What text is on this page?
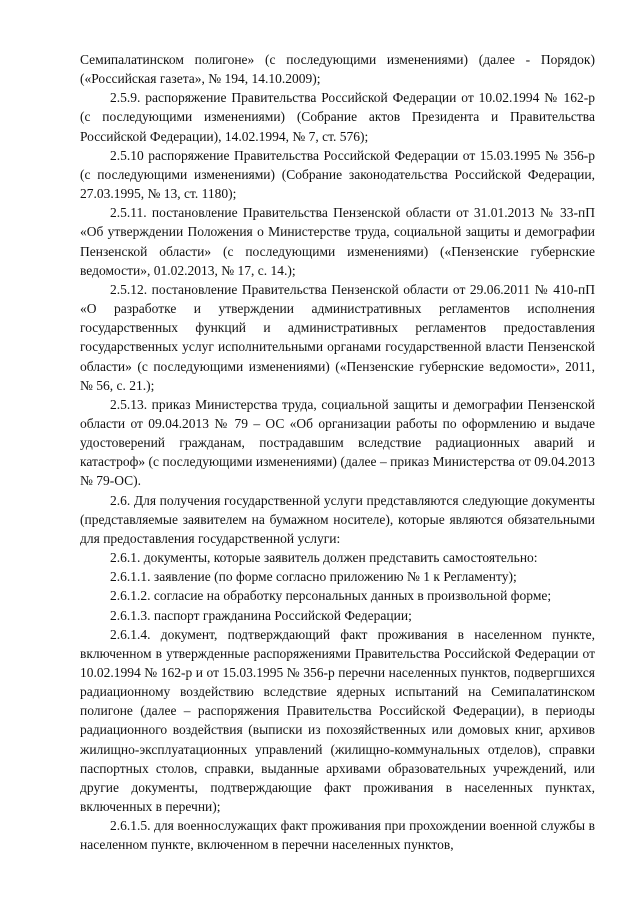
Семипалатинском полигоне» (с последующими изменениями) (далее - Порядок) («Российская газета», № 194, 14.10.2009);

2.5.9. распоряжение Правительства Российской Федерации от 10.02.1994 № 162-р (с последующими изменениями) (Собрание актов Президента и Правительства Российской Федерации), 14.02.1994, № 7, ст. 576);

2.5.10 распоряжение Правительства Российской Федерации от 15.03.1995 № 356-р (с последующими изменениями) (Собрание законодательства Российской Федерации, 27.03.1995, № 13, ст. 1180);

2.5.11. постановление Правительства Пензенской области от 31.01.2013 № 33-пП «Об утверждении Положения о Министерстве труда, социальной защиты и демографии Пензенской области» (с последующими изменениями) («Пензенские губернские ведомости», 01.02.2013, № 17, с. 14.);

2.5.12. постановление Правительства Пензенской области от 29.06.2011 № 410-пП «О разработке и утверждении административных регламентов исполнения государственных функций и административных регламентов предоставления государственных услуг исполнительными органами государственной власти Пензенской области» (с последующими изменениями) («Пензенские губернские ведомости», 2011, № 56, с. 21.);

2.5.13. приказ Министерства труда, социальной защиты и демографии Пензенской области от 09.04.2013 № 79 – ОС «Об организации работы по оформлению и выдаче удостоверений гражданам, пострадавшим вследствие радиационных аварий и катастроф» (с последующими изменениями) (далее – приказ Министерства от 09.04.2013 № 79-ОС).

2.6. Для получения государственной услуги представляются следующие документы (представляемые заявителем на бумажном носителе), которые являются обязательными для предоставления государственной услуги:

2.6.1. документы, которые заявитель должен представить самостоятельно:

2.6.1.1. заявление (по форме согласно приложению № 1 к Регламенту);

2.6.1.2. согласие на обработку персональных данных в произвольной форме;

2.6.1.3. паспорт гражданина Российской Федерации;

2.6.1.4. документ, подтверждающий факт проживания в населенном пункте, включенном в утвержденные распоряжениями Правительства Российской Федерации от 10.02.1994 № 162-р и от 15.03.1995 № 356-р перечни населенных пунктов, подвергшихся радиационному воздействию вследствие ядерных испытаний на Семипалатинском полигоне (далее – распоряжения Правительства Российской Федерации), в периоды радиационного воздействия (выписки из похозяйственных или домовых книг, архивов жилищно-эксплуатационных управлений (жилищно-коммунальных отделов), справки паспортных столов, справки, выданные архивами образовательных учреждений, или другие документы, подтверждающие факт проживания в населенных пунктах, включенных в перечни);

2.6.1.5. для военнослужащих факт проживания при прохождении военной службы в населенном пункте, включенном в перечни населенных пунктов,
